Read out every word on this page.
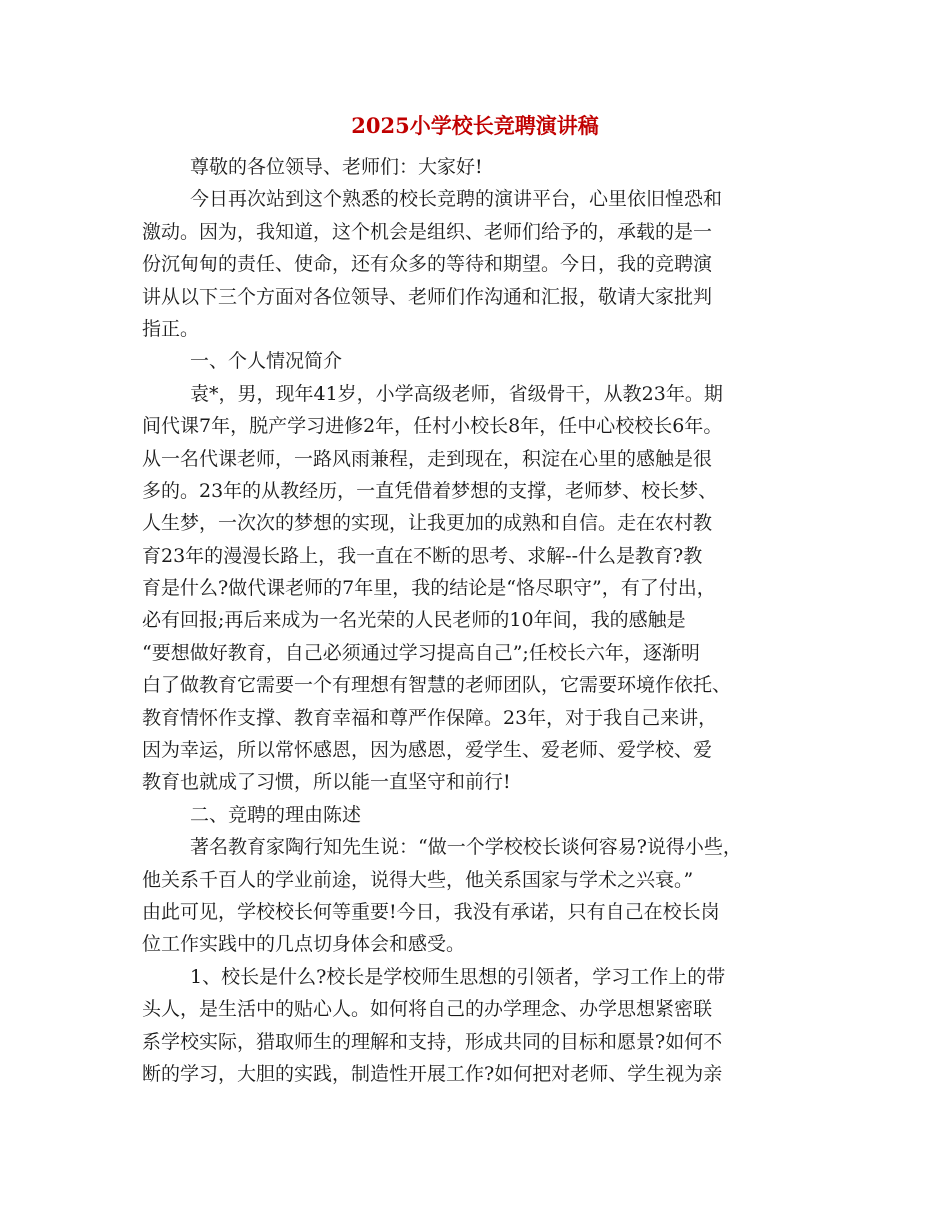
2025小学校长竞聘演讲稿
尊敬的各位领导、老师们：大家好!
今日再次站到这个熟悉的校长竞聘的演讲平台，心里依旧惶恐和
激动。因为，我知道，这个机会是组织、老师们给予的，承载的是一
份沉甸甸的责任、使命，还有众多的等待和期望。今日，我的竞聘演
讲从以下三个方面对各位领导、老师们作沟通和汇报，敬请大家批判
指正。
一、个人情况简介
袁*，男，现年41岁，小学高级老师，省级骨干，从教23年。期
间代课7年，脱产学习进修2年，任村小校长8年，任中心校校长6年。
从一名代课老师，一路风雨兼程，走到现在，积淀在心里的感触是很
多的。23年的从教经历，一直凭借着梦想的支撑，老师梦、校长梦、
人生梦，一次次的梦想的实现，让我更加的成熟和自信。走在农村教
育23年的漫漫长路上，我一直在不断的思考、求解--什么是教育?教
育是什么?做代课老师的7年里，我的结论是“恪尽职守”，有了付出，
必有回报;再后来成为一名光荣的人民老师的10年间，我的感触是
“要想做好教育，自己必须通过学习提高自己”;任校长六年，逐渐明
白了做教育它需要一个有理想有智慧的老师团队，它需要环境作依托、
教育情怀作支撑、教育幸福和尊严作保障。23年，对于我自己来讲，
因为幸运，所以常怀感恩，因为感恩，爱学生、爱老师、爱学校、爱
教育也就成了习惯，所以能一直坚守和前行!
二、竞聘的理由陈述
著名教育家陶行知先生说：“做一个学校校长谈何容易?说得小些，
他关系千百人的学业前途，说得大些，他关系国家与学术之兴衰。”
由此可见，学校校长何等重要!今日，我没有承诺，只有自己在校长岗
位工作实践中的几点切身体会和感受。
1、校长是什么?校长是学校师生思想的引领者，学习工作上的带
头人，是生活中的贴心人。如何将自己的办学理念、办学思想紧密联
系学校实际，猎取师生的理解和支持，形成共同的目标和愿景?如何不
断的学习，大胆的实践，制造性开展工作?如何把对老师、学生视为亲
